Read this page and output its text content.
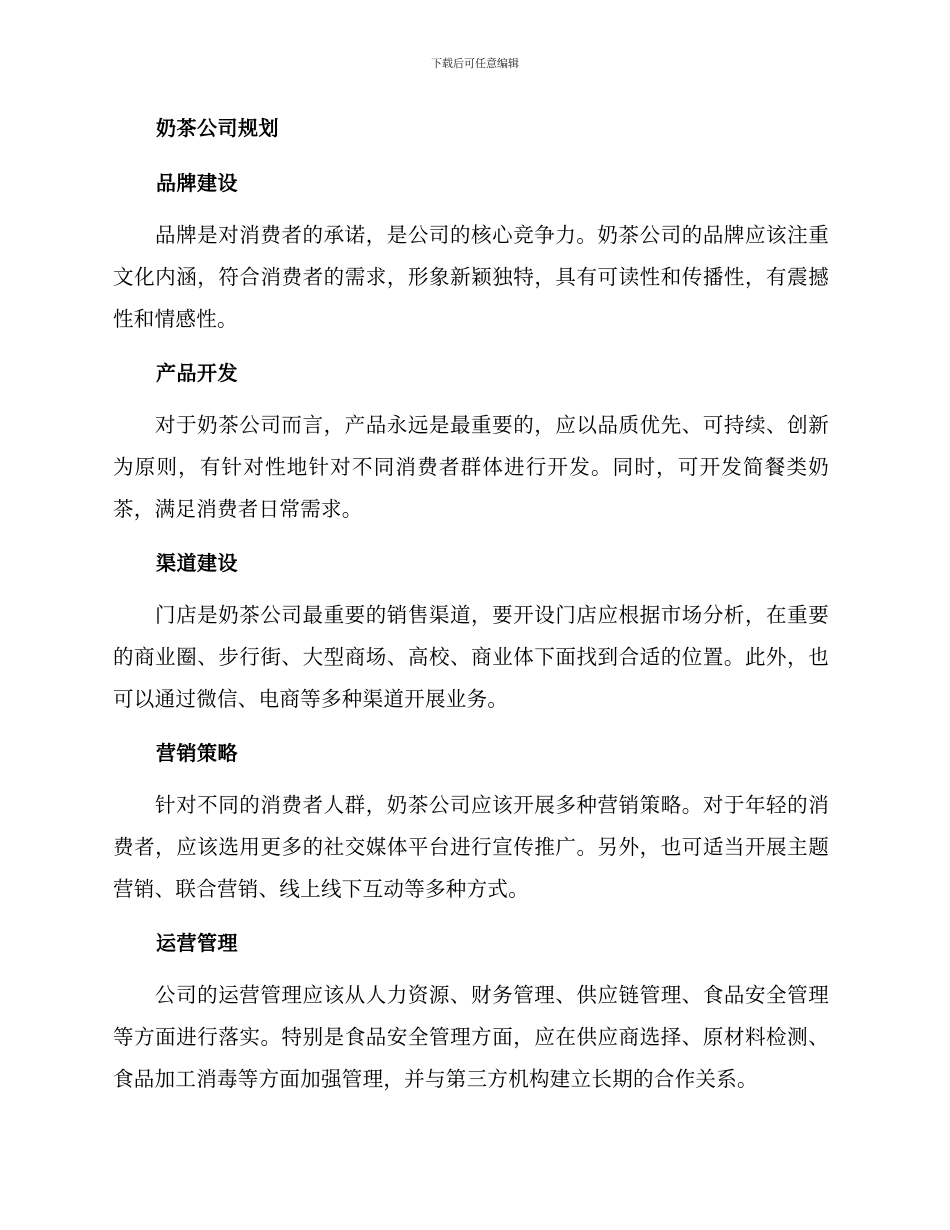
下载后可任意编辑
奶茶公司规划
品牌建设

品牌是对消费者的承诺，是公司的核心竞争力。奶茶公司的品牌应该注重文化内涵，符合消费者的需求，形象新颖独特，具有可读性和传播性，有震撼性和情感性。

产品开发

对于奶茶公司而言，产品永远是最重要的，应以品质优先、可持续、创新为原则，有针对性地针对不同消费者群体进行开发。同时，可开发简餐类奶茶，满足消费者日常需求。

渠道建设

门店是奶茶公司最重要的销售渠道，要开设门店应根据市场分析，在重要的商业圈、步行街、大型商场、高校、商业体下面找到合适的位置。此外，也可以通过微信、电商等多种渠道开展业务。

营销策略

针对不同的消费者人群，奶茶公司应该开展多种营销策略。对于年轻的消费者，应该选用更多的社交媒体平台进行宣传推广。另外，也可适当开展主题营销、联合营销、线上线下互动等多种方式。

运营管理

公司的运营管理应该从人力资源、财务管理、供应链管理、食品安全管理等方面进行落实。特别是食品安全管理方面，应在供应商选择、原材料检测、食品加工消毒等方面加强管理，并与第三方机构建立长期的合作关系。
